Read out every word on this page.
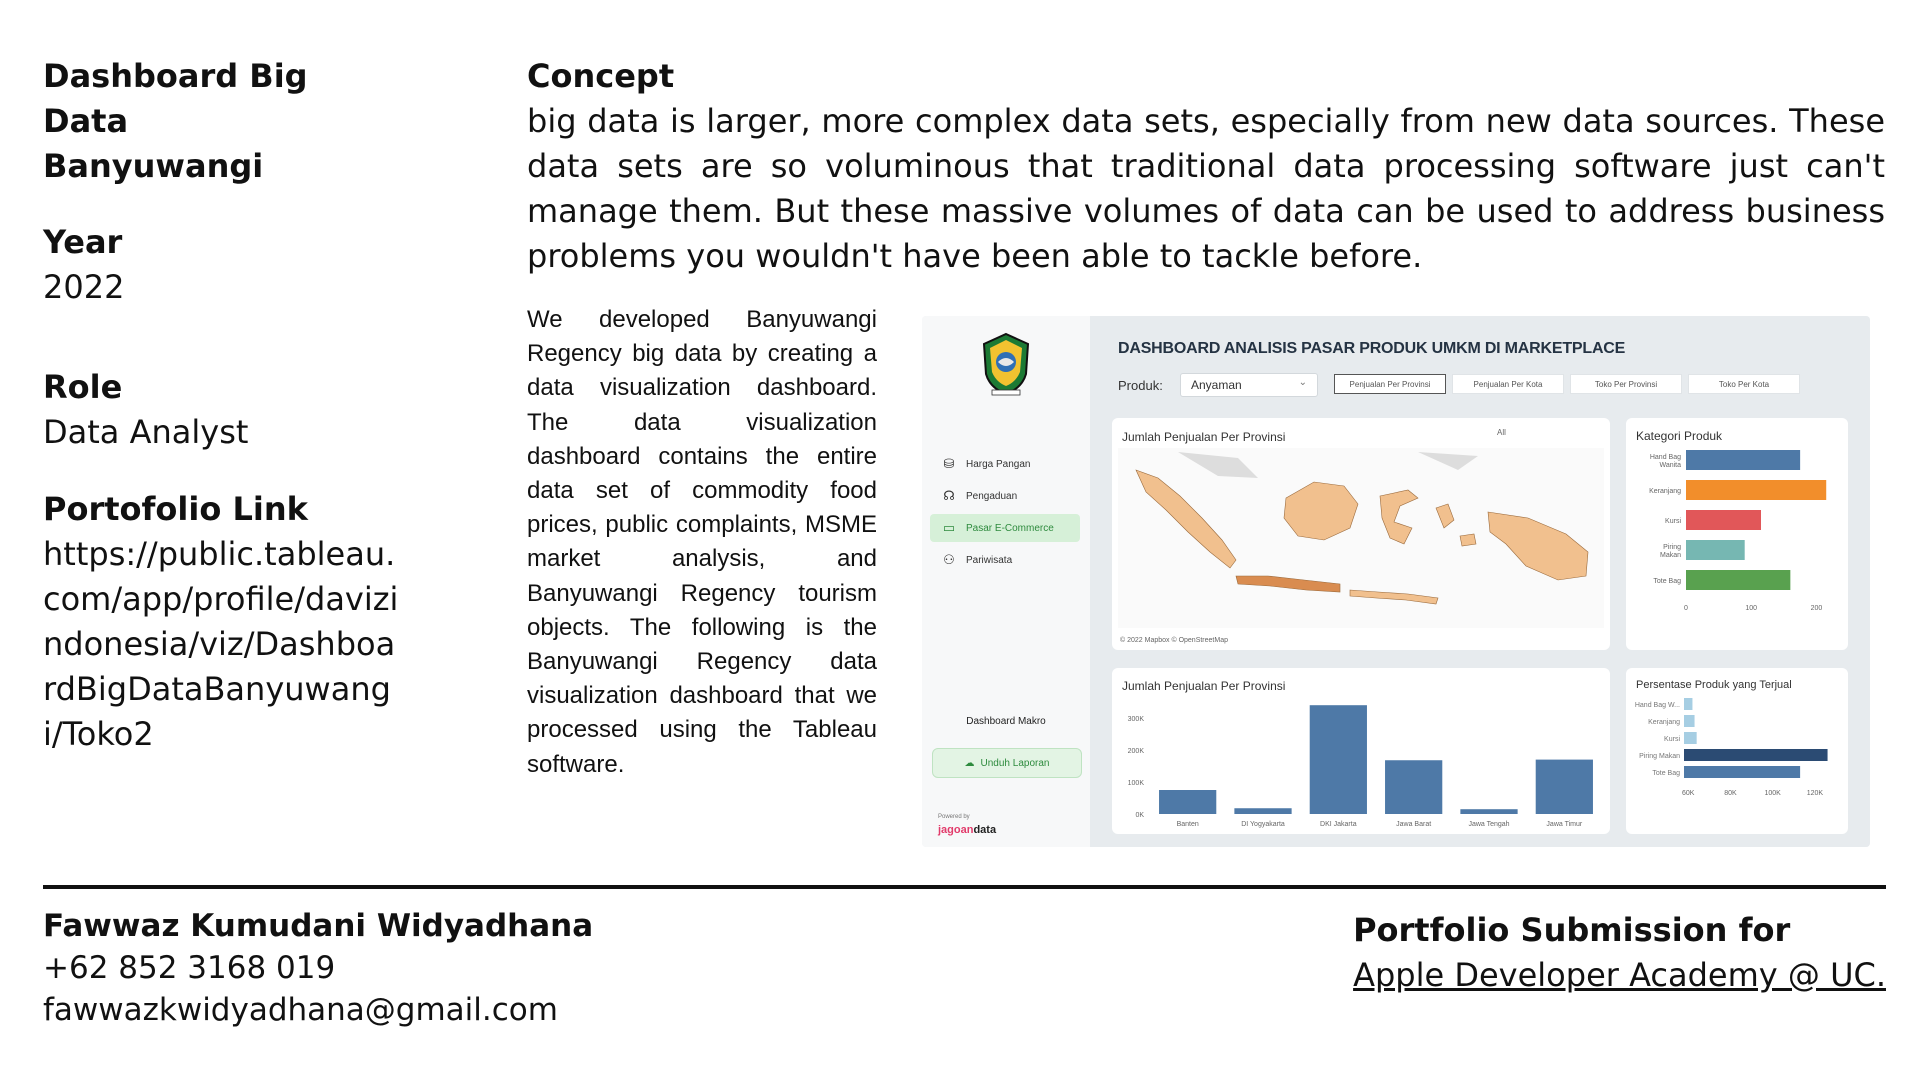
Dashboard Big Data

Banyuwangi

Year

2022

Role

Data Analyst

Portofolio Link

https://public.tableau.com/app/profile/davizindonesia/viz/DashboardBigDataBanyuwangi/Toko2

Concept

big data is larger, more complex data sets, especially from new data sources. These data sets are so voluminous that traditional data processing software just can't manage them. But these massive volumes of data can be used to address business problems you wouldn't have been able to tackle before.

We developed Banyuwangi Regency big data by creating a data visualization dashboard. The data visualization dashboard contains the entire data set of commodity food prices, public complaints, MSME market analysis, and Banyuwangi Regency tourism objects. The following is the Banyuwangi Regency data visualization dashboard that we processed using the Tableau software.
⛁	Harga Pangan
☊	Pengaduan
▭ Pasar E-Commerce
⚇	Pariwisata
Dashboard Makro
☁ Unduh Laporan
Powered by
jagoandata
DASHBOARD ANALISIS PASAR PRODUK UMKM DI MARKETPLACE
Produk:	Anyaman	⌄	Penjualan Per Provinsi	Penjualan Per Kota	Toko Per Provinsi	Toko Per Kota
Jumlah Penjualan Per Provinsi	All
© 2022 Mapbox © OpenStreetMap
Kategori Produk
Hand Bag
Wanita
Keranjang
Kursi
Piring
Makan
Tote Bag
0	100	200
Jumlah Penjualan Per Provinsi
300K
200K
100K
0K
Banten	DI Yogyakarta	DKI Jakarta	Jawa Barat	Jawa Tengah	Jawa Timur
Persentase Produk yang Terjual
Hand Bag W...
Keranjang
Kursi
Piring Makan
Tote Bag
60K	80K	100K	120K
Fawwaz Kumudani Widyadhana
+62 852 3168 019
fawwazkwidyadhana@gmail.com

Portfolio Submission for

Apple Developer Academy @ UC.
